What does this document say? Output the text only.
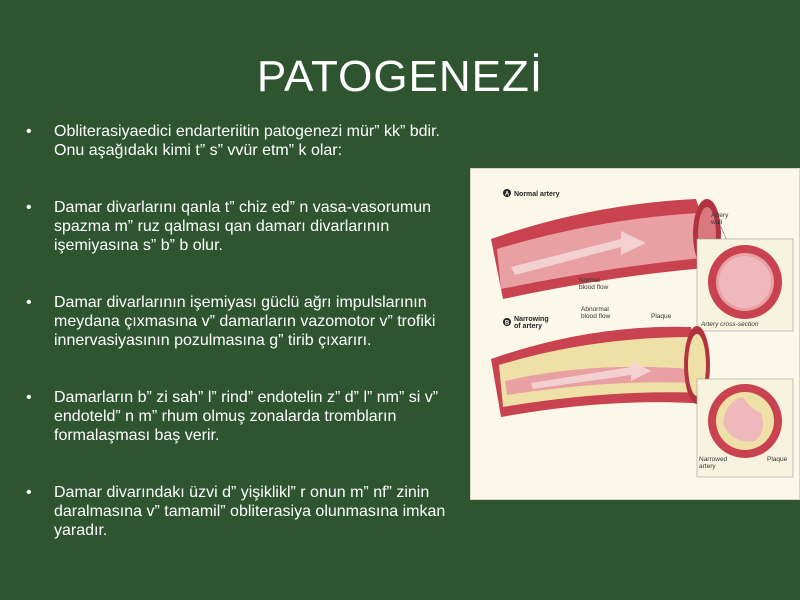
PATOGENEZİ
• Obliterasiyaedici endarteriitin patogenezi mür” kk” bdir. Onu aşağıdakı kimi t” s” vvür etm” k olar:
• Damar divarlarını qanla t” chiz ed” n vasa-vasorumun spazma m” ruz qalması qan damarı divarlarının işemiyasına s” b” b olur.
• Damar divarlarının işemiyası güclü ağrı impulslarının meydana çıxmasına v” damarların vazomotor v” trofiki innervasiyasının pozulmasına g” tirib çıxarırı.
• Damarların b” zi sah” l” rind” endotelin z” d” l” nm” si v” endoteld” n m” rhum olmuş zonalarda trombların formalaşması baş verir.
• Damar divarındakı üzvi d” yişiklikl” r onun m” nf” zinin daralmasına v” tamamil” obliterasiya olunmasına imkan yaradır.
A Normal artery
Artery wall
Normal blood flow
Artery cross-section
B
Narrowing of artery
Abnormal blood flow	Plaque
Narrowed artery
Plaque
